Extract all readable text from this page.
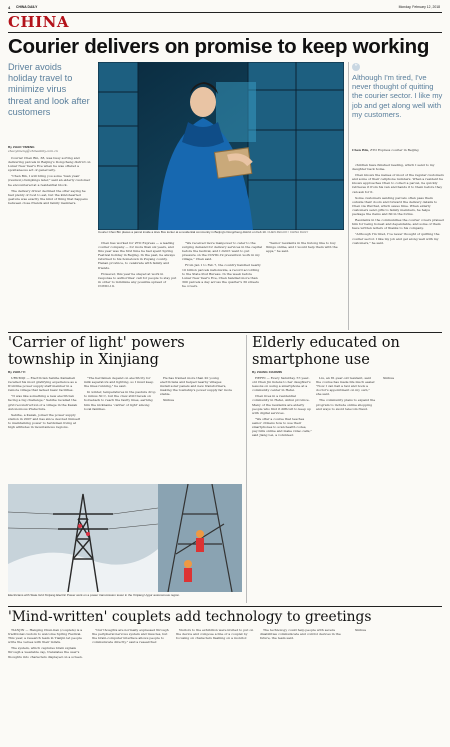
4 CHINA DAILY	Monday, February 12, 2018
CHINA
Courier delivers on promise to keep working
Driver avoids holiday travel to minimize virus threat and look after customers
By ZHAO YIMENG
zhaoyimeng@chinadaily.com.cn
Courier Chen Bin places a parcel inside a Hive Box locker at a residential community in Beijing's Dongcheng district on Feb 10. CHEN ZEGUO / CHINA DAILY

Courier Chen Bin, 38, was busy sorting and delivering parcels in Beijing's Dongcheng district on Lunar New Year's Eve when he was offered a spontaneous act of generosity.

"Chen Bin, I will bring you some 'tuan yuan' (reunion) dumplings later," said an elderly customer he encountered at a residential block.

The delivery driver declined the offer saying he had plenty of food to eat, but the kind-hearted gesture was exactly the kind of thing that happens between close friends and family members.

Chen has worked for ZTO Express — a leading courier company — for more than six years, and this year was the first time he had spent Spring Festival holiday in Beijing. In the past, he always returned to his hometown in Puyang county, Henan province, to celebrate with family and friends.

However, this year he stayed at work in response to authorities' call for people to stay put in order to minimize any possible spread of COVID-19.

"We received more manpower to cater to the surging demand for delivery services in the capital before the festival, and I didn't want to put pressure on the COVID-19 prevention work in my village," Chen said.

From Jan 1 to Feb 7, the country handled nearly 10 billion parcels nationwide, a record according to the State Post Bureau. In the week before Lunar New Year's Eve, Chen handled more than 300 parcels a day across the quarter's 30 streets he covers.

"Senior residents in the hutong like to buy things online, and I would help them with the apps," he said.

“
Although I'm tired, I've never thought of quitting the courier sector. I like my job and get along well with my customers.
Chen Bin, ZTO Express courier in Beijing

children have finished reading, which I send to my daughter back home.

Chen knows the names of most of the regular customers and some of their cellphone numbers. When a resident he knows approaches Chen to collect a parcel, he quickly retrieves it from his van and hands it to them before they can ask for it.

Some customers sending parcels often pass them outside their doors and forward the delivery details to Chen via WeChat, which saves time. When elderly customers send gifts to family members, he helps package the items and fill in the forms.

Residents in the communities the courier covers praised him for being honest and dependable, and some of them have written letters of thanks to his company.

"Although I'm tired, I've never thought of quitting the courier sector. I like my job and get along well with my customers," he said.

'Carrier of light' powers township in Xinjiang
By ZHOU YI

URUMQI — Electrician Sebihe Kabieheli recalled his most gratifying experience as a frontline power supply staff member in a remote village that lacked basic facilities.

"It was like something a new electrician facing a big challenge," Sebihe recalled the grid reconstruction of a village in the Kazak Autonomous Prefecture.

Sebihe, a Kazak, joined the power supply station in 2007 and has since devoted himself to maintaining power to herdsmen living at high altitudes in mountainous regions.

"The herdsmen depend on electricity for milk separators and lighting, so I must keep the lines running," he said.

In winter, temperatures in the pasture drop to minus 30 C, but the crew still travels on horseback to reach the faulty lines, earning him the nickname 'carrier of light' among local families.

He has trained more than 20 young electricians and helped nearby villages install solar panels and new transformers, making the township's power supply far more stable.

Xinhua

Electricians with State Grid Xinjiang Electric Power work on a power transmission tower in the Xinjiang Uygur autonomous region.
Elderly educated on smartphone use
By ZHANG XIAOMIN

HEFEI — Every Saturday, 57-year-old Chen Jin listens to her daughter's lessons on using a smartphone at a community center in Hefei.

Chen lives in a residential community in Hefei, Anhui province. Many of the residents are elderly people who find it difficult to keep up with digital services.

"We offer a course that teaches senior citizens how to use their smartphones to scan health codes, pay bills online and make video calls," said Jiang Lei, a volunteer.

Liu, an 81-year-old resident, said the course has made life much easier. "Now I can hail a taxi and book a doctor's appointment on my own," she said.

The community plans to expand the program to include online shopping and ways to avoid telecom fraud.

Xinhua

'Mind-written' couplets add technology to greetings

TIANJIN — Hanging Chun-lian (couplets) is a traditional custom to welcome Spring Festival. This year, a research team in Tianjin let people write the verses with their minds.

The system, which captures brain signals through a wearable cap, translates the user's thoughts into characters displayed on a screen.

"Our thoughts are normally expressed through the peripheral nervous system and muscles, but the brain-computer interface allows people to communicate directly," said a researcher.

Visitors to the exhibition were invited to put on the device and compose a line of a couplet by focusing on characters flashing on a monitor.

The technology could help people with severe disabilities communicate and control devices in the future, the team said.

Xinhua
